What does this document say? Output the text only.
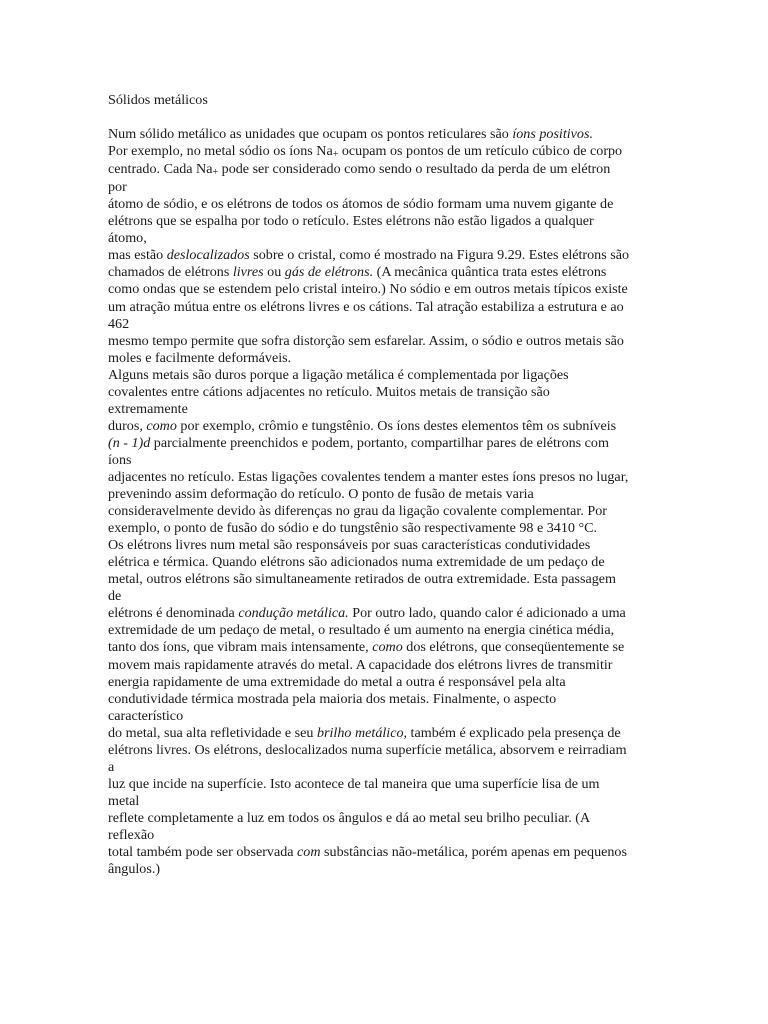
Sólidos metálicos
Num sólido metálico as unidades que ocupam os pontos reticulares são íons positivos.
Por exemplo, no metal sódio os íons Na+ ocupam os pontos de um retículo cúbico de corpo
centrado. Cada Na+ pode ser considerado como sendo o resultado da perda de um elétron
por
átomo de sódio, e os elétrons de todos os átomos de sódio formam uma nuvem gigante de
elétrons que se espalha por todo o retículo. Estes elétrons não estão ligados a qualquer
átomo,
mas estão deslocalizados sobre o cristal, como é mostrado na Figura 9.29. Estes elétrons são
chamados de elétrons livres ou gás de elétrons. (A mecânica quântica trata estes elétrons
como ondas que se estendem pelo cristal inteiro.) No sódio e em outros metais típicos existe
um atração mútua entre os elétrons livres e os cátions. Tal atração estabiliza a estrutura e ao
462
mesmo tempo permite que sofra distorção sem esfarelar. Assim, o sódio e outros metais são
moles e facilmente deformáveis.
Alguns metais são duros porque a ligação metálica é complementada por ligações
covalentes entre cátions adjacentes no retículo. Muitos metais de transição são
extremamente
duros, como por exemplo, crômio e tungstênio. Os íons destes elementos têm os subníveis
(n - 1)d parcialmente preenchidos e podem, portanto, compartilhar pares de elétrons com
íons
adjacentes no retículo. Estas ligações covalentes tendem a manter estes íons presos no lugar,
prevenindo assim deformação do retículo. O ponto de fusão de metais varia
consideravelmente devido às diferenças no grau da ligação covalente complementar. Por
exemplo, o ponto de fusão do sódio e do tungstênio são respectivamente 98 e 3410 °C.
Os elétrons livres num metal são responsáveis por suas características condutividades
elétrica e térmica. Quando elétrons são adicionados numa extremidade de um pedaço de
metal, outros elétrons são simultaneamente retirados de outra extremidade. Esta passagem
de
elétrons é denominada condução metálica. Por outro lado, quando calor é adicionado a uma
extremidade de um pedaço de metal, o resultado é um aumento na energia cinética média,
tanto dos íons, que vibram mais intensamente, como dos elétrons, que conseqüentemente se
movem mais rapidamente através do metal. A capacidade dos elétrons livres de transmitir
energia rapidamente de uma extremidade do metal a outra é responsável pela alta
condutividade térmica mostrada pela maioria dos metais. Finalmente, o aspecto
característico
do metal, sua alta refletividade e seu brilho metálico, também é explicado pela presença de
elétrons livres. Os elétrons, deslocalizados numa superfície metálica, absorvem e reirradiam
a
luz que incide na superfície. Isto acontece de tal maneira que uma superfície lisa de um
metal
reflete completamente a luz em todos os ângulos e dá ao metal seu brilho peculiar. (A
reflexão
total também pode ser observada com substâncias não-metálica, porém apenas em pequenos
ângulos.)
